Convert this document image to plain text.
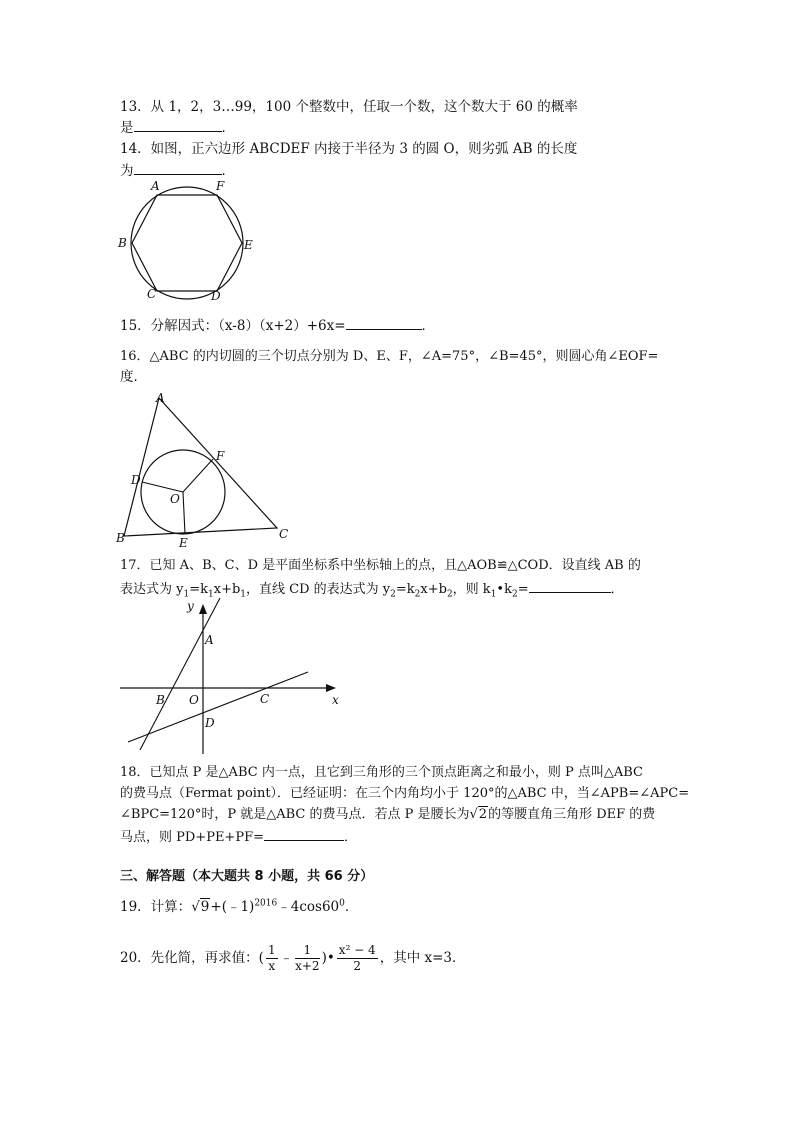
13．从 1，2，3…99，100 个整数中，任取一个数，这个数大于 60 的概率
是	．
14．如图，正六边形 ABCDEF 内接于半径为 3 的圆 O，则劣弧 AB 的长度
为	．
A	F
B	E
C	D
15．分解因式：（x-8）（x+2）+6x=	．
16．△ABC 的内切圆的三个切点分别为 D、E、F，∠A=75°，∠B=45°，则圆心角∠EOF=
度．
A
B	C
D
E
F
O
17．已知 A、B、C、D 是平面坐标系中坐标轴上的点，且△AOB≌△COD．设直线 AB 的
表达式为 $y_1=k_1x+b_1$，直线 CD 的表达式为 $y_2=k_2x+b_2$，则 $k_1•k_2=$	．
y
x
A
B O	C
D
18．已知点 P 是△ABC 内一点，且它到三角形的三个顶点距离之和最小，则 P 点叫△ABC
的费马点（Fermat point）．已经证明：在三个内角均小于 120°的△ABC 中，当∠APB=∠APC=
∠BPC=120°时，P 就是△ABC 的费马点．若点 P 是腰长为√2的等腰直角三角形 DEF 的费
马点，则 PD+PE+PF=	．
三、解答题（本大题共 8 小题，共 66 分）
19．计算：$√9+(﹣1)^{2016}﹣4\cos 60^0$．
20．先化简，再求值：( $\frac{1}{x}$ ﹣ $\frac{1}{x+2}$ )• $\frac{\text{x² − 4}}{2}$ ，其中 x=3．
